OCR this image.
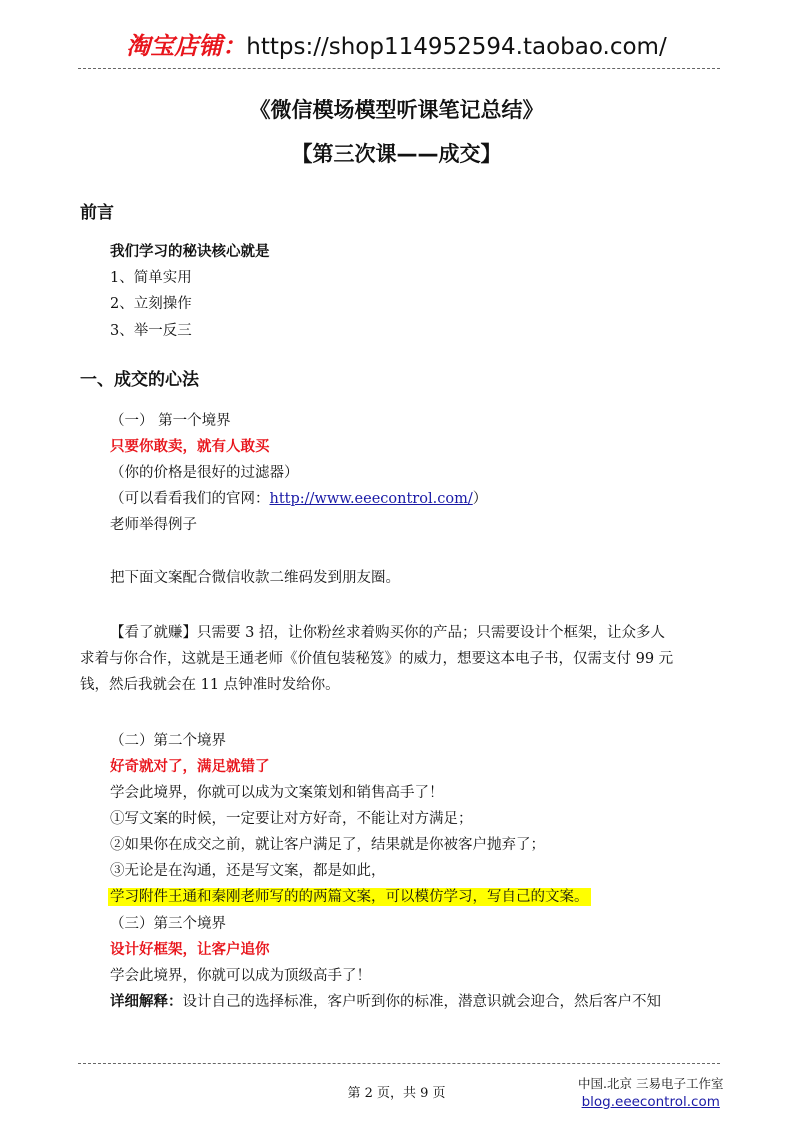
淘宝店铺：https://shop114952594.taobao.com/
《微信模场模型听课笔记总结》
【第三次课——成交】
前言
我们学习的秘诀核心就是
1、简单实用
2、立刻操作
3、举一反三
一、成交的心法
（一） 第一个境界
只要你敢卖，就有人敢买
（你的价格是很好的过滤器）
（可以看看我们的官网：http://www.eeecontrol.com/）
老师举得例子
把下面文案配合微信收款二维码发到朋友圈。
【看了就赚】只需要 3 招，让你粉丝求着购买你的产品；只需要设计个框架，让众多人
求着与你合作，这就是王通老师《价值包装秘笈》的威力，想要这本电子书，仅需支付 99 元
钱，然后我就会在 11 点钟准时发给你。
（二）第二个境界
好奇就对了，满足就错了
学会此境界，你就可以成为文案策划和销售高手了！
①写文案的时候，一定要让对方好奇，不能让对方满足；
②如果你在成交之前，就让客户满足了，结果就是你被客户抛弃了；
③无论是在沟通，还是写文案，都是如此，
学习附件王通和秦刚老师写的的两篇文案，可以模仿学习，写自己的文案。
（三）第三个境界
设计好框架，让客户追你
学会此境界，你就可以成为顶级高手了！
详细解释：设计自己的选择标准，客户听到你的标准，潜意识就会迎合，然后客户不知
第 2 页，共 9 页
中国.北京 三易电子工作室
blog.eeecontrol.com
